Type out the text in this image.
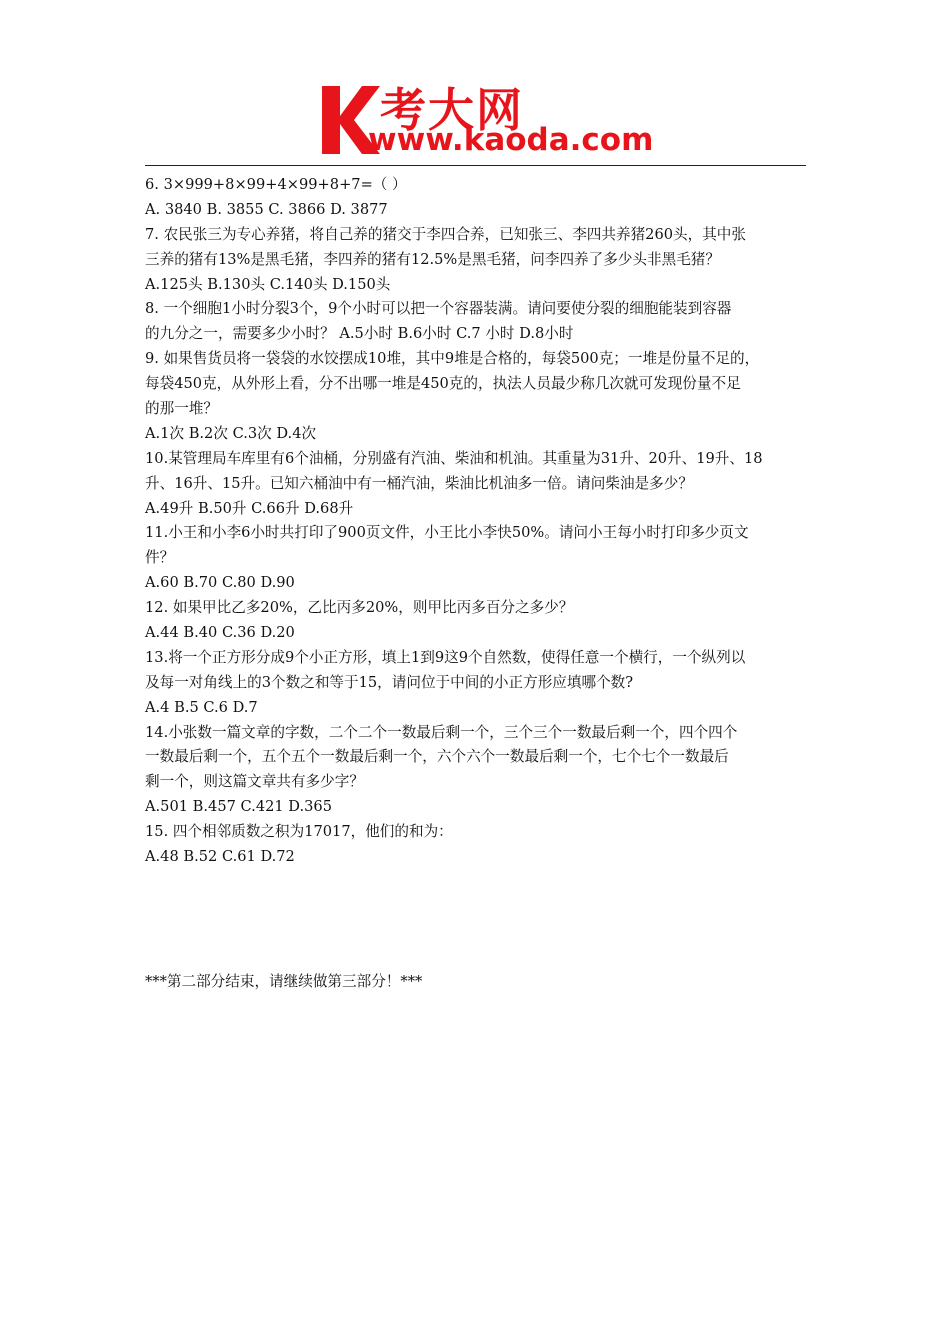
考大网
www.kaoda.com
6. 3×999+8×99+4×99+8+7=（ ）
A. 3840 B. 3855 C. 3866 D. 3877
7. 农民张三为专心养猪，将自己养的猪交于李四合养，已知张三、李四共养猪260头，其中张
三养的猪有13%是黑毛猪，李四养的猪有12.5%是黑毛猪，问李四养了多少头非黑毛猪？
A.125头 B.130头 C.140头 D.150头
8. 一个细胞1小时分裂3个，9个小时可以把一个容器装满。请问要使分裂的细胞能装到容器
的九分之一，需要多少小时？ A.5小时 B.6小时 C.7 小时 D.8小时
9. 如果售货员将一袋袋的水饺摆成10堆，其中9堆是合格的，每袋500克；一堆是份量不足的，
每袋450克，从外形上看，分不出哪一堆是450克的，执法人员最少称几次就可发现份量不足
的那一堆？
A.1次 B.2次 C.3次 D.4次
10.某管理局车库里有6个油桶，分别盛有汽油、柴油和机油。其重量为31升、20升、19升、18
升、16升、15升。已知六桶油中有一桶汽油，柴油比机油多一倍。请问柴油是多少？
A.49升 B.50升 C.66升 D.68升
11.小王和小李6小时共打印了900页文件，小王比小李快50%。请问小王每小时打印多少页文
件？
A.60 B.70 C.80 D.90
12. 如果甲比乙多20%，乙比丙多20%，则甲比丙多百分之多少？
A.44 B.40 C.36 D.20
13.将一个正方形分成9个小正方形，填上1到9这9个自然数，使得任意一个横行，一个纵列以
及每一对角线上的3个数之和等于15，请问位于中间的小正方形应填哪个数?
A.4 B.5 C.6 D.7
14.小张数一篇文章的字数，二个二个一数最后剩一个，三个三个一数最后剩一个，四个四个
一数最后剩一个，五个五个一数最后剩一个，六个六个一数最后剩一个，七个七个一数最后
剩一个，则这篇文章共有多少字？
A.501 B.457 C.421 D.365
15. 四个相邻质数之积为17017，他们的和为：
A.48 B.52 C.61 D.72
***第二部分结束，请继续做第三部分！***
